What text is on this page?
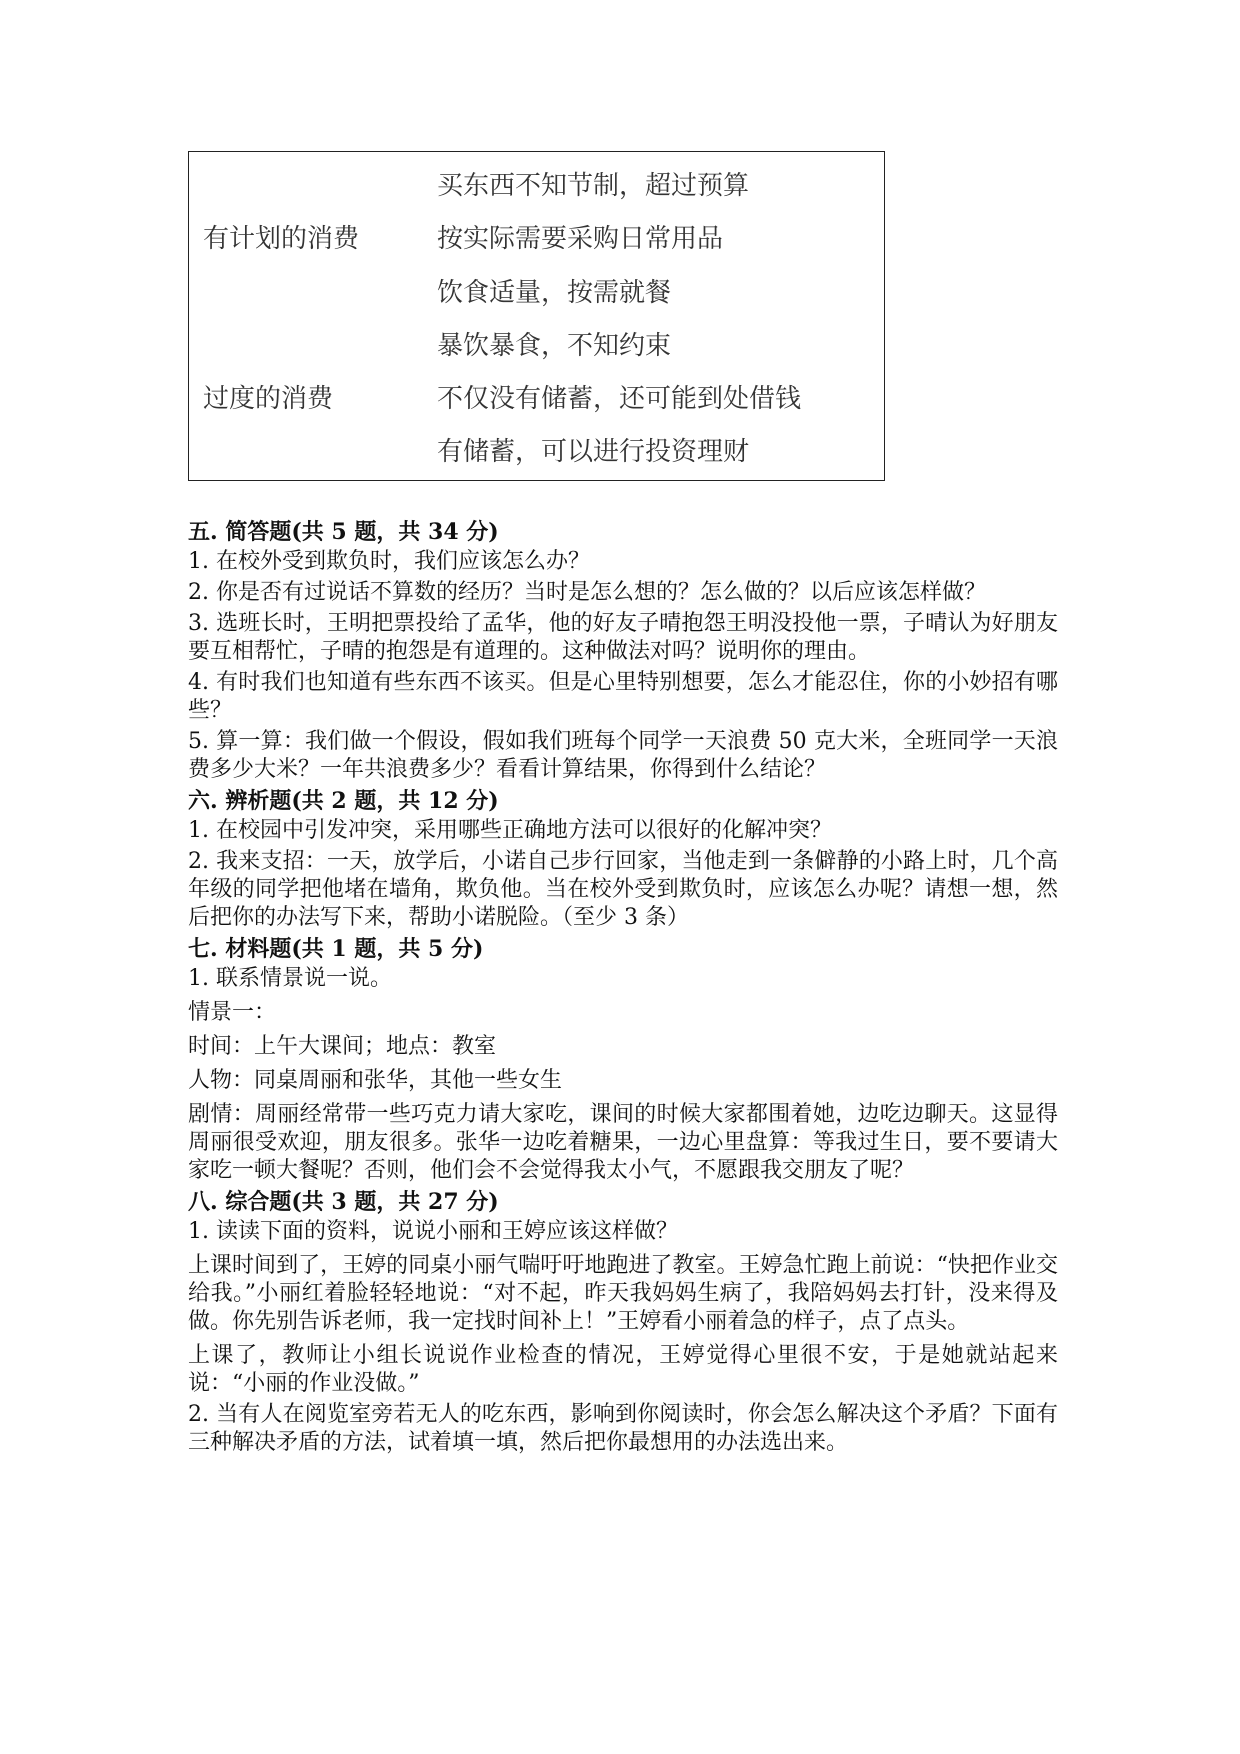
有计划的消费
过度的消费
买东西不知节制，超过预算
按实际需要采购日常用品
饮食适量，按需就餐
暴饮暴食，不知约束
不仅没有储蓄，还可能到处借钱
有储蓄，可以进行投资理财
五. 简答题(共 5 题，共 34 分)
1. 在校外受到欺负时，我们应该怎么办？
2. 你是否有过说话不算数的经历？当时是怎么想的？怎么做的？以后应该怎样做？
3. 选班长时，王明把票投给了孟华，他的好友子晴抱怨王明没投他一票，子晴认为好朋友要互相帮忙，子晴的抱怨是有道理的。这种做法对吗？说明你的理由。
4. 有时我们也知道有些东西不该买。但是心里特别想要，怎么才能忍住，你的小妙招有哪些？
5. 算一算：我们做一个假设，假如我们班每个同学一天浪费 50 克大米，全班同学一天浪费多少大米？一年共浪费多少？看看计算结果，你得到什么结论？
六. 辨析题(共 2 题，共 12 分)
1. 在校园中引发冲突，采用哪些正确地方法可以很好的化解冲突？
2. 我来支招：一天，放学后，小诺自己步行回家，当他走到一条僻静的小路上时，几个高年级的同学把他堵在墙角，欺负他。当在校外受到欺负时，应该怎么办呢？请想一想，然后把你的办法写下来，帮助小诺脱险。（至少 3 条）
七. 材料题(共 1 题，共 5 分)
1. 联系情景说一说。
情景一：
时间：上午大课间；地点：教室
人物：同桌周丽和张华，其他一些女生
剧情：周丽经常带一些巧克力请大家吃，课间的时候大家都围着她，边吃边聊天。这显得周丽很受欢迎，朋友很多。张华一边吃着糖果，一边心里盘算：等我过生日，要不要请大家吃一顿大餐呢？否则，他们会不会觉得我太小气，不愿跟我交朋友了呢？
八. 综合题(共 3 题，共 27 分)
1. 读读下面的资料，说说小丽和王婷应该这样做？
上课时间到了，王婷的同桌小丽气喘吁吁地跑进了教室。王婷急忙跑上前说：“快把作业交给我。”小丽红着脸轻轻地说：“对不起，昨天我妈妈生病了，我陪妈妈去打针，没来得及做。你先别告诉老师，我一定找时间补上！”王婷看小丽着急的样子，点了点头。
上课了，教师让小组长说说作业检查的情况，王婷觉得心里很不安，于是她就站起来说：“小丽的作业没做。”
2. 当有人在阅览室旁若无人的吃东西，影响到你阅读时，你会怎么解决这个矛盾？下面有三种解决矛盾的方法，试着填一填，然后把你最想用的办法选出来。
